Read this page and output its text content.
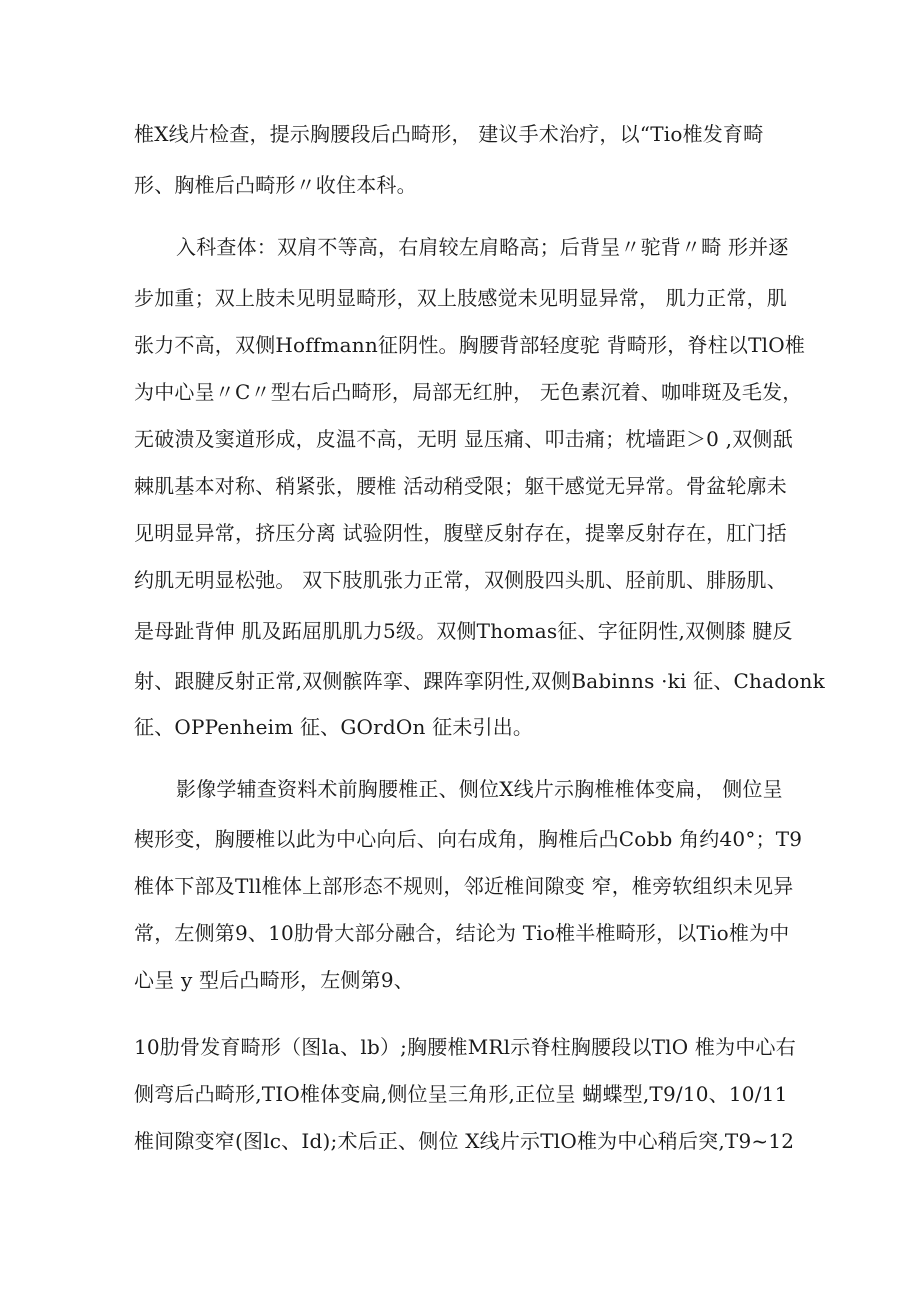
椎X线片检查，提示胸腰段后凸畸形， 建议手术治疗，以“Tio椎发育畸
形、胸椎后凸畸形〃收住本科。
入科查体：双肩不等高，右肩较左肩略高；后背呈〃驼背〃畸 形并逐
步加重；双上肢未见明显畸形，双上肢感觉未见明显异常， 肌力正常，肌
张力不高，双侧Hoffmann征阴性。胸腰背部轻度驼 背畸形，脊柱以TlO椎
为中心呈〃C〃型右后凸畸形，局部无红肿， 无色素沉着、咖啡斑及毛发，
无破溃及窦道形成，皮温不高，无明 显压痛、叩击痛；枕墙距＞0 ,双侧舐
棘肌基本对称、稍紧张，腰椎 活动稍受限；躯干感觉无异常。骨盆轮廓未
见明显异常，挤压分离 试验阴性，腹壁反射存在，提睾反射存在，肛门括
约肌无明显松弛。 双下肢肌张力正常，双侧股四头肌、胫前肌、腓肠肌、
是母趾背伸 肌及跖屈肌肌力5级。双侧Thomas征、字征阴性,双侧膝 腱反
射、跟腱反射正常,双侧髌阵挛、踝阵挛阴性,双侧Babinns ·ki 征、Chadonk
征、OPPenheim 征、GOrdOn 征未引出。
影像学辅查资料术前胸腰椎正、侧位X线片示胸椎椎体变扁， 侧位呈
楔形变，胸腰椎以此为中心向后、向右成角，胸椎后凸Cobb 角约40°；T9
椎体下部及Tll椎体上部形态不规则，邻近椎间隙变 窄，椎旁软组织未见异
常，左侧第9、10肋骨大部分融合，结论为 Tio椎半椎畸形，以Tio椎为中
心呈 y 型后凸畸形，左侧第9、
10肋骨发育畸形（图la、lb）;胸腰椎MRl示脊柱胸腰段以TlO 椎为中心右
侧弯后凸畸形,TIO椎体变扁,侧位呈三角形,正位呈 蝴蝶型,T9/10、10/11
椎间隙变窄(图lc、Id);术后正、侧位 X线片示TlO椎为中心稍后突,T9~12
